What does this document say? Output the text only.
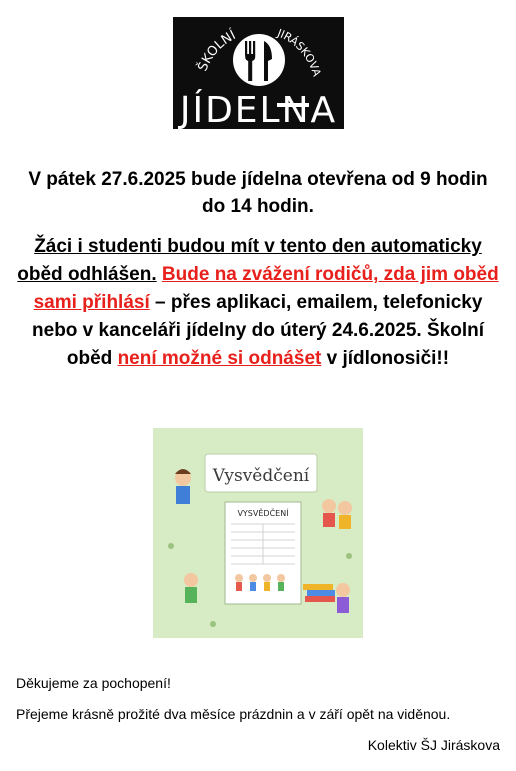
ŠKOLNÍ	JIRÁSKOVA
JÍDELNA

V pátek 27.6.2025 bude jídelna otevřena od 9 hodin do 14 hodin.

Žáci i studenti budou mít v tento den automaticky oběd odhlášen. Bude na zvážení rodičů, zda jim oběd sami přihlásí – přes aplikaci, emailem, telefonicky nebo v kanceláři jídelny do úterý 24.6.2025. Školní oběd není možné si odnášet v jídlonosiči!!

Vysvědčení
VYSVĚDČENÍ

Děkujeme za pochopení!

Přejeme krásně prožité dva měsíce prázdnin a v září opět na viděnou.

Kolektiv ŠJ Jiráskova
